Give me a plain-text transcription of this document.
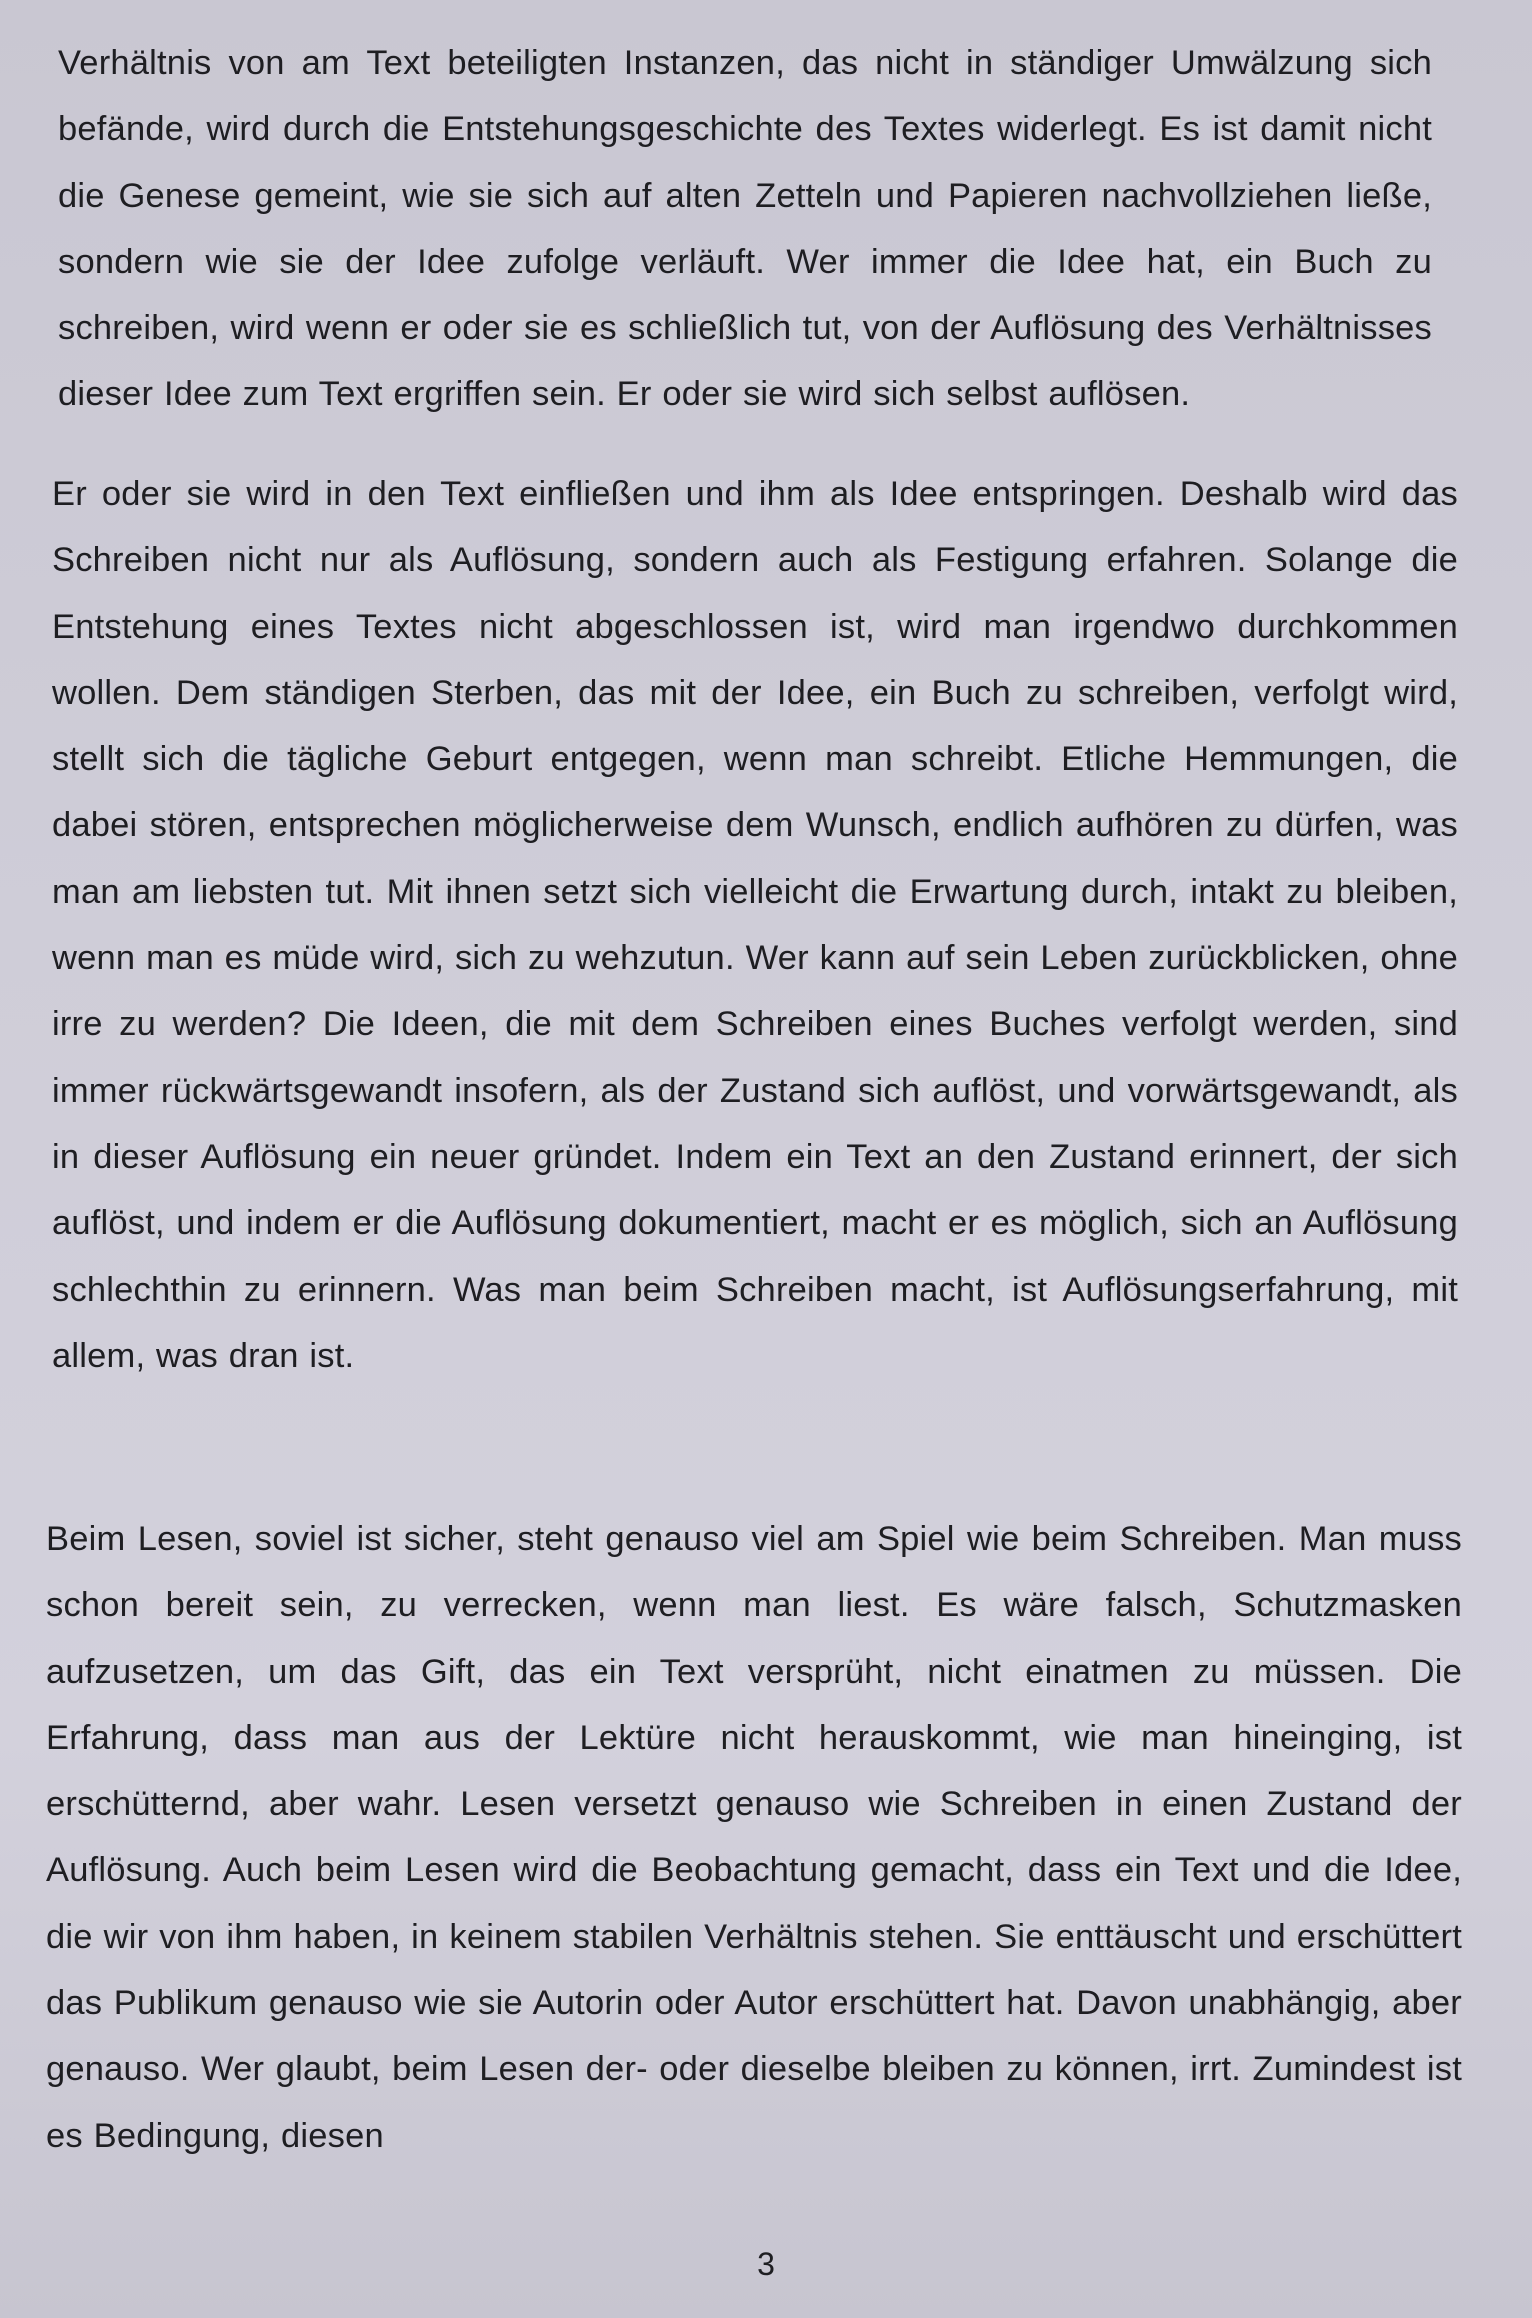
Verhältnis von am Text beteiligten Instanzen, das nicht in ständiger Umwälzung sich befände, wird durch die Entstehungsgeschichte des Textes widerlegt. Es ist damit nicht die Genese gemeint, wie sie sich auf alten Zetteln und Papieren nachvollziehen ließe, sondern wie sie der Idee zufolge verläuft. Wer immer die Idee hat, ein Buch zu schreiben, wird wenn er oder sie es schließlich tut, von der Auflösung des Verhältnisses dieser Idee zum Text ergriffen sein. Er oder sie wird sich selbst auflösen.

Er oder sie wird in den Text einfließen und ihm als Idee entspringen. Deshalb wird das Schreiben nicht nur als Auflösung, sondern auch als Festigung erfahren. Solange die Entstehung eines Textes nicht abgeschlossen ist, wird man irgendwo durchkommen wollen. Dem ständigen Sterben, das mit der Idee, ein Buch zu schreiben, verfolgt wird, stellt sich die tägliche Geburt entgegen, wenn man schreibt. Etliche Hemmungen, die dabei stören, entsprechen möglicherweise dem Wunsch, endlich aufhören zu dürfen, was man am liebsten tut. Mit ihnen setzt sich vielleicht die Erwartung durch, intakt zu bleiben, wenn man es müde wird, sich zu wehzutun. Wer kann auf sein Leben zurückblicken, ohne irre zu werden? Die Ideen, die mit dem Schreiben eines Buches verfolgt werden, sind immer rückwärtsgewandt insofern, als der Zustand sich auflöst, und vorwärtsgewandt, als in dieser Auflösung ein neuer gründet. Indem ein Text an den Zustand erinnert, der sich auflöst, und indem er die Auflösung dokumentiert, macht er es möglich, sich an Auflösung schlechthin zu erinnern. Was man beim Schreiben macht, ist Auflösungserfahrung, mit allem, was dran ist.

Beim Lesen, soviel ist sicher, steht genauso viel am Spiel wie beim Schreiben. Man muss schon bereit sein, zu verrecken, wenn man liest. Es wäre falsch, Schutzmasken aufzusetzen, um das Gift, das ein Text versprüht, nicht einatmen zu müssen. Die Erfahrung, dass man aus der Lektüre nicht herauskommt, wie man hineinging, ist erschütternd, aber wahr. Lesen versetzt genauso wie Schreiben in einen Zustand der Auflösung. Auch beim Lesen wird die Beobachtung gemacht, dass ein Text und die Idee, die wir von ihm haben, in keinem stabilen Verhältnis stehen. Sie enttäuscht und erschüttert das Publikum genauso wie sie Autorin oder Autor erschüttert hat. Davon unabhängig, aber genauso. Wer glaubt, beim Lesen der- oder dieselbe bleiben zu können, irrt. Zumindest ist es Bedingung, diesen

3
